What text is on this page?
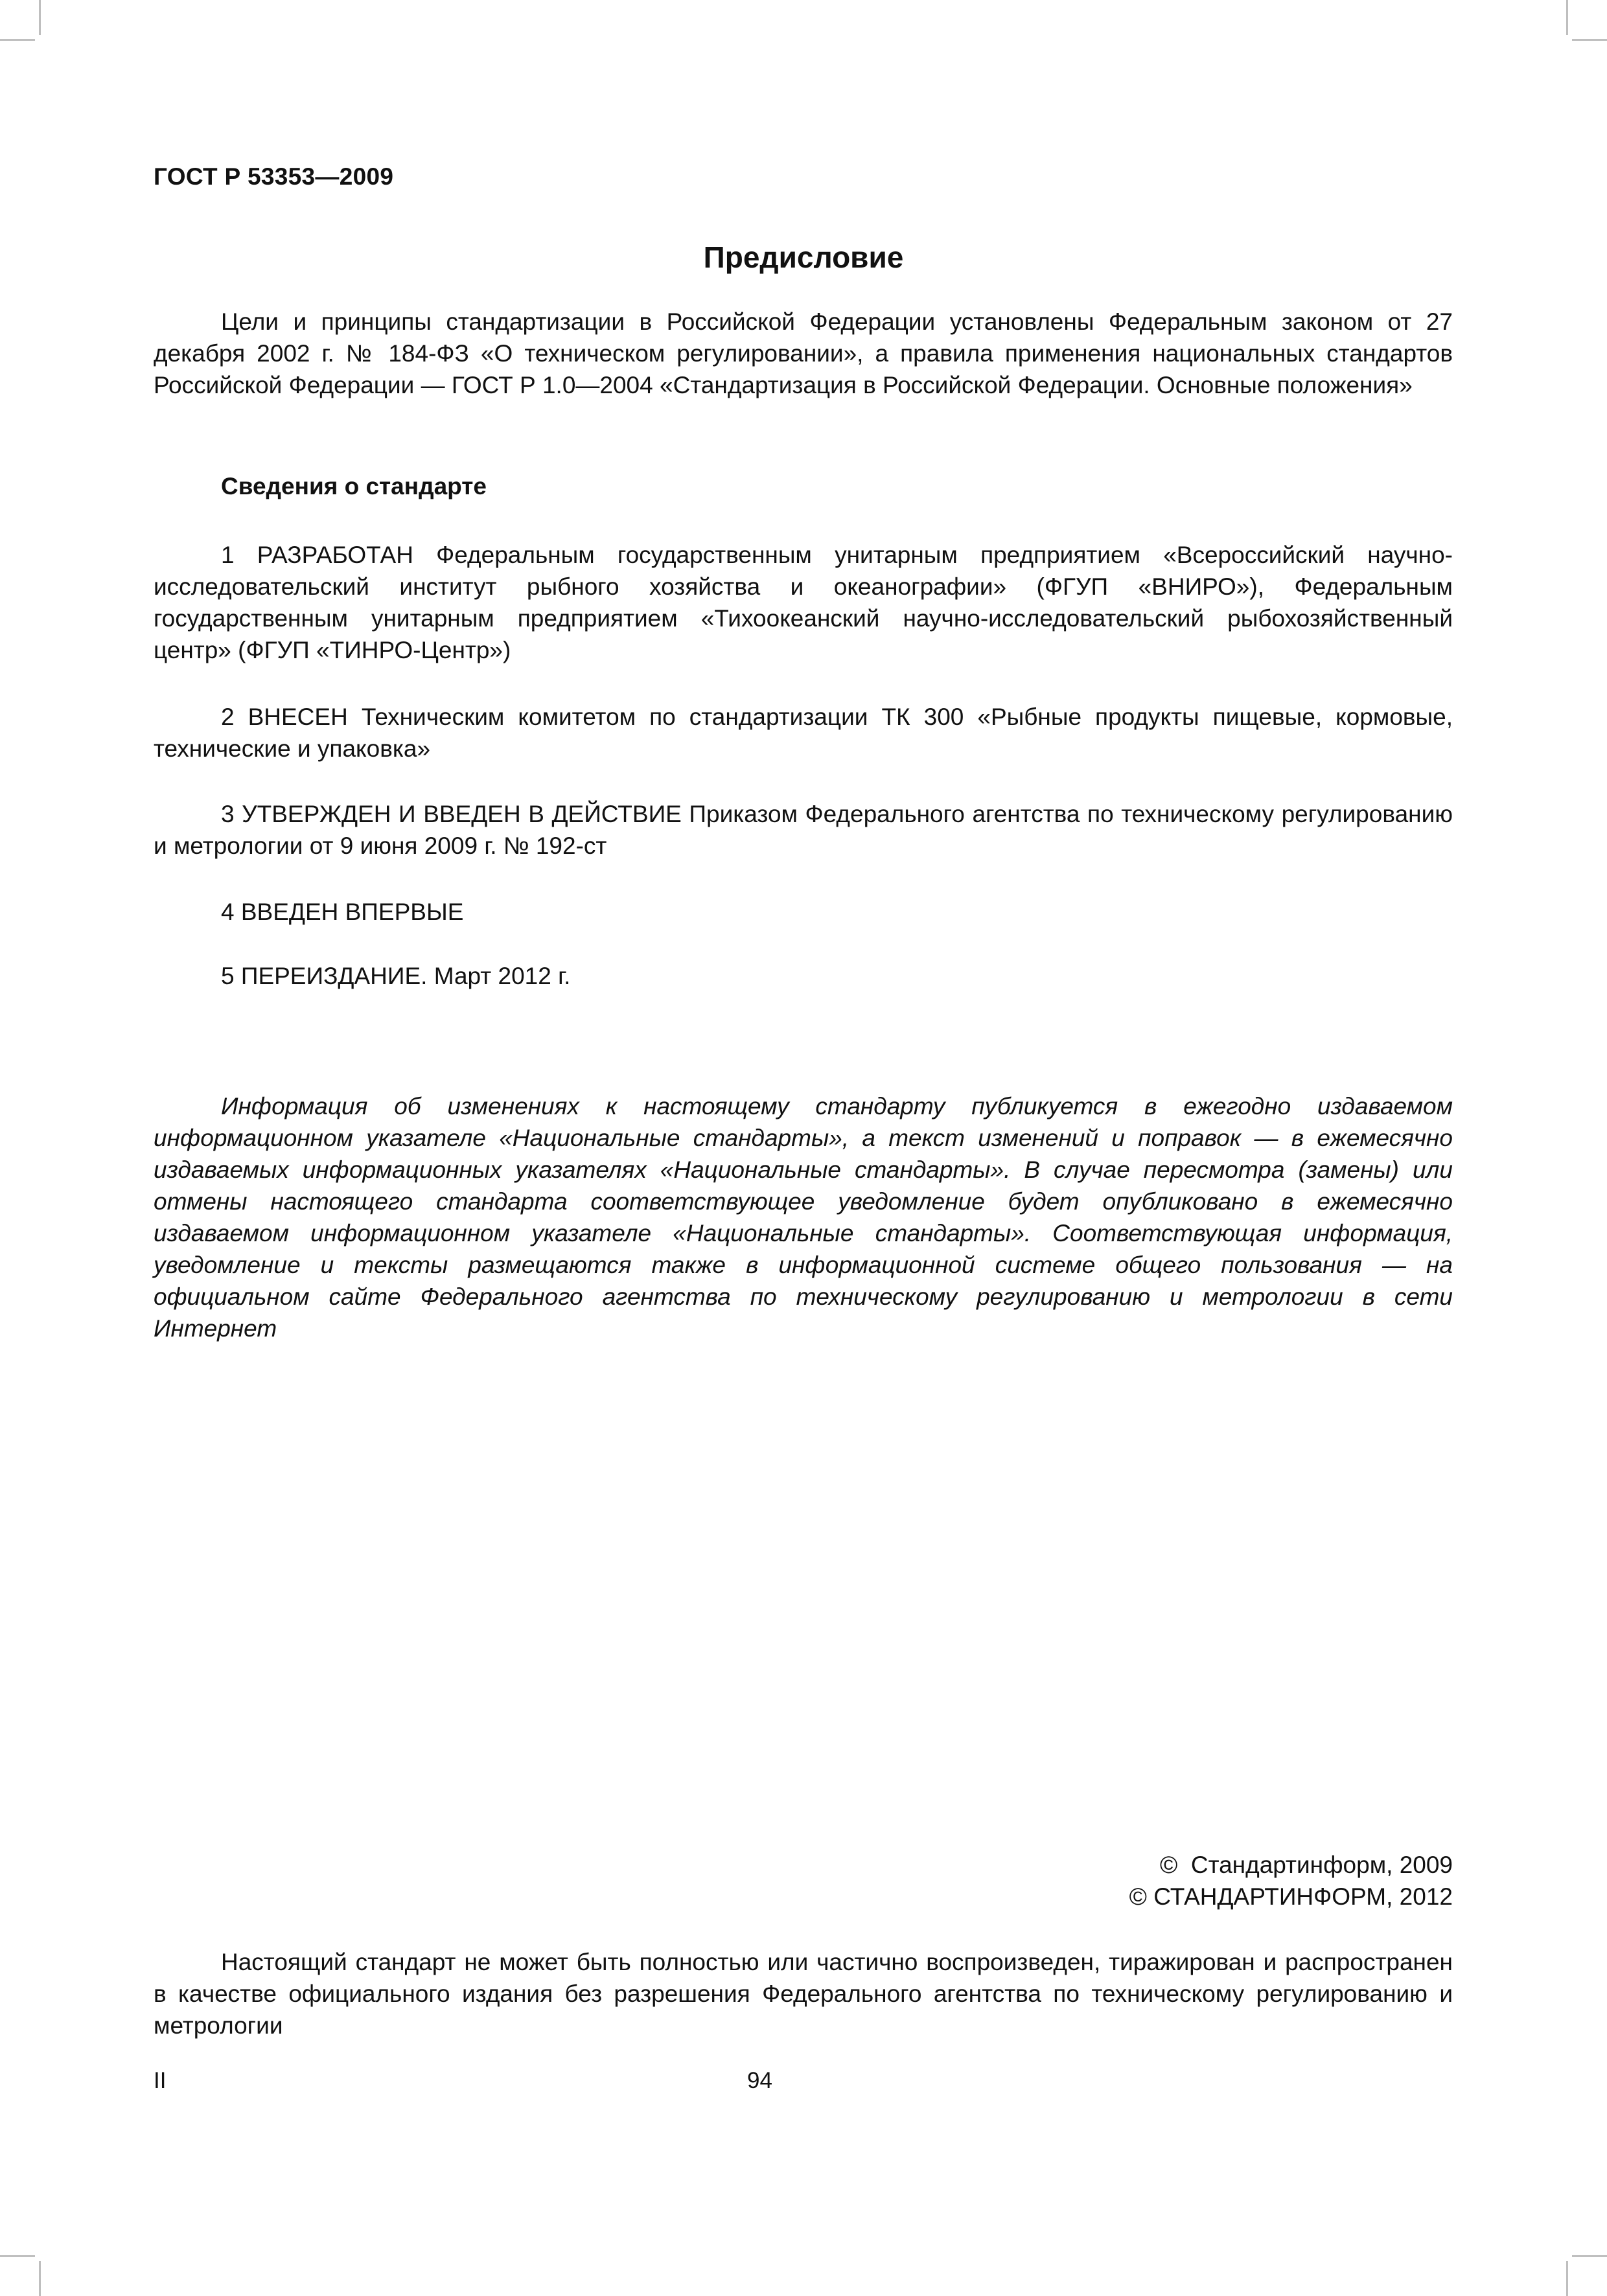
ГОСТ Р 53353—2009
Предисловие
Цели и принципы стандартизации в Российской Федерации установлены Федеральным законом от 27 декабря 2002 г. № 184-ФЗ «О техническом регулировании», а правила применения национальных стандартов Российской Федерации — ГОСТ Р 1.0—2004 «Стандартизация в Российской Федерации. Основные положения»
Сведения о стандарте
1 РАЗРАБОТАН Федеральным государственным унитарным предприятием «Всероссийский научно-исследовательский институт рыбного хозяйства и океанографии» (ФГУП «ВНИРО»), Федеральным государственным унитарным предприятием «Тихоокеанский научно-исследовательский рыбохозяйственный центр» (ФГУП «ТИНРО-Центр»)
2 ВНЕСЕН Техническим комитетом по стандартизации ТК 300 «Рыбные продукты пищевые, кормовые, технические и упаковка»
3 УТВЕРЖДЕН И ВВЕДЕН В ДЕЙСТВИЕ Приказом Федерального агентства по техническому регулированию и метрологии от 9 июня 2009 г. № 192-ст
4 ВВЕДЕН ВПЕРВЫЕ
5 ПЕРЕИЗДАНИЕ. Март 2012 г.
Информация об изменениях к настоящему стандарту публикуется в ежегодно издаваемом информационном указателе «Национальные стандарты», а текст изменений и поправок — в ежемесячно издаваемых информационных указателях «Национальные стандарты». В случае пересмотра (замены) или отмены настоящего стандарта соответствующее уведомление будет опубликовано в ежемесячно издаваемом информационном указателе «Национальные стандарты». Соответствующая информация, уведомление и тексты размещаются также в информационной системе общего пользования — на официальном сайте Федерального агентства по техническому регулированию и метрологии в сети Интернет
©  Стандартинформ, 2009
© СТАНДАРТИНФОРМ, 2012
Настоящий стандарт не может быть полностью или частично воспроизведен, тиражирован и распространен в качестве официального издания без разрешения Федерального агентства по техническому регулированию и метрологии
II	94
